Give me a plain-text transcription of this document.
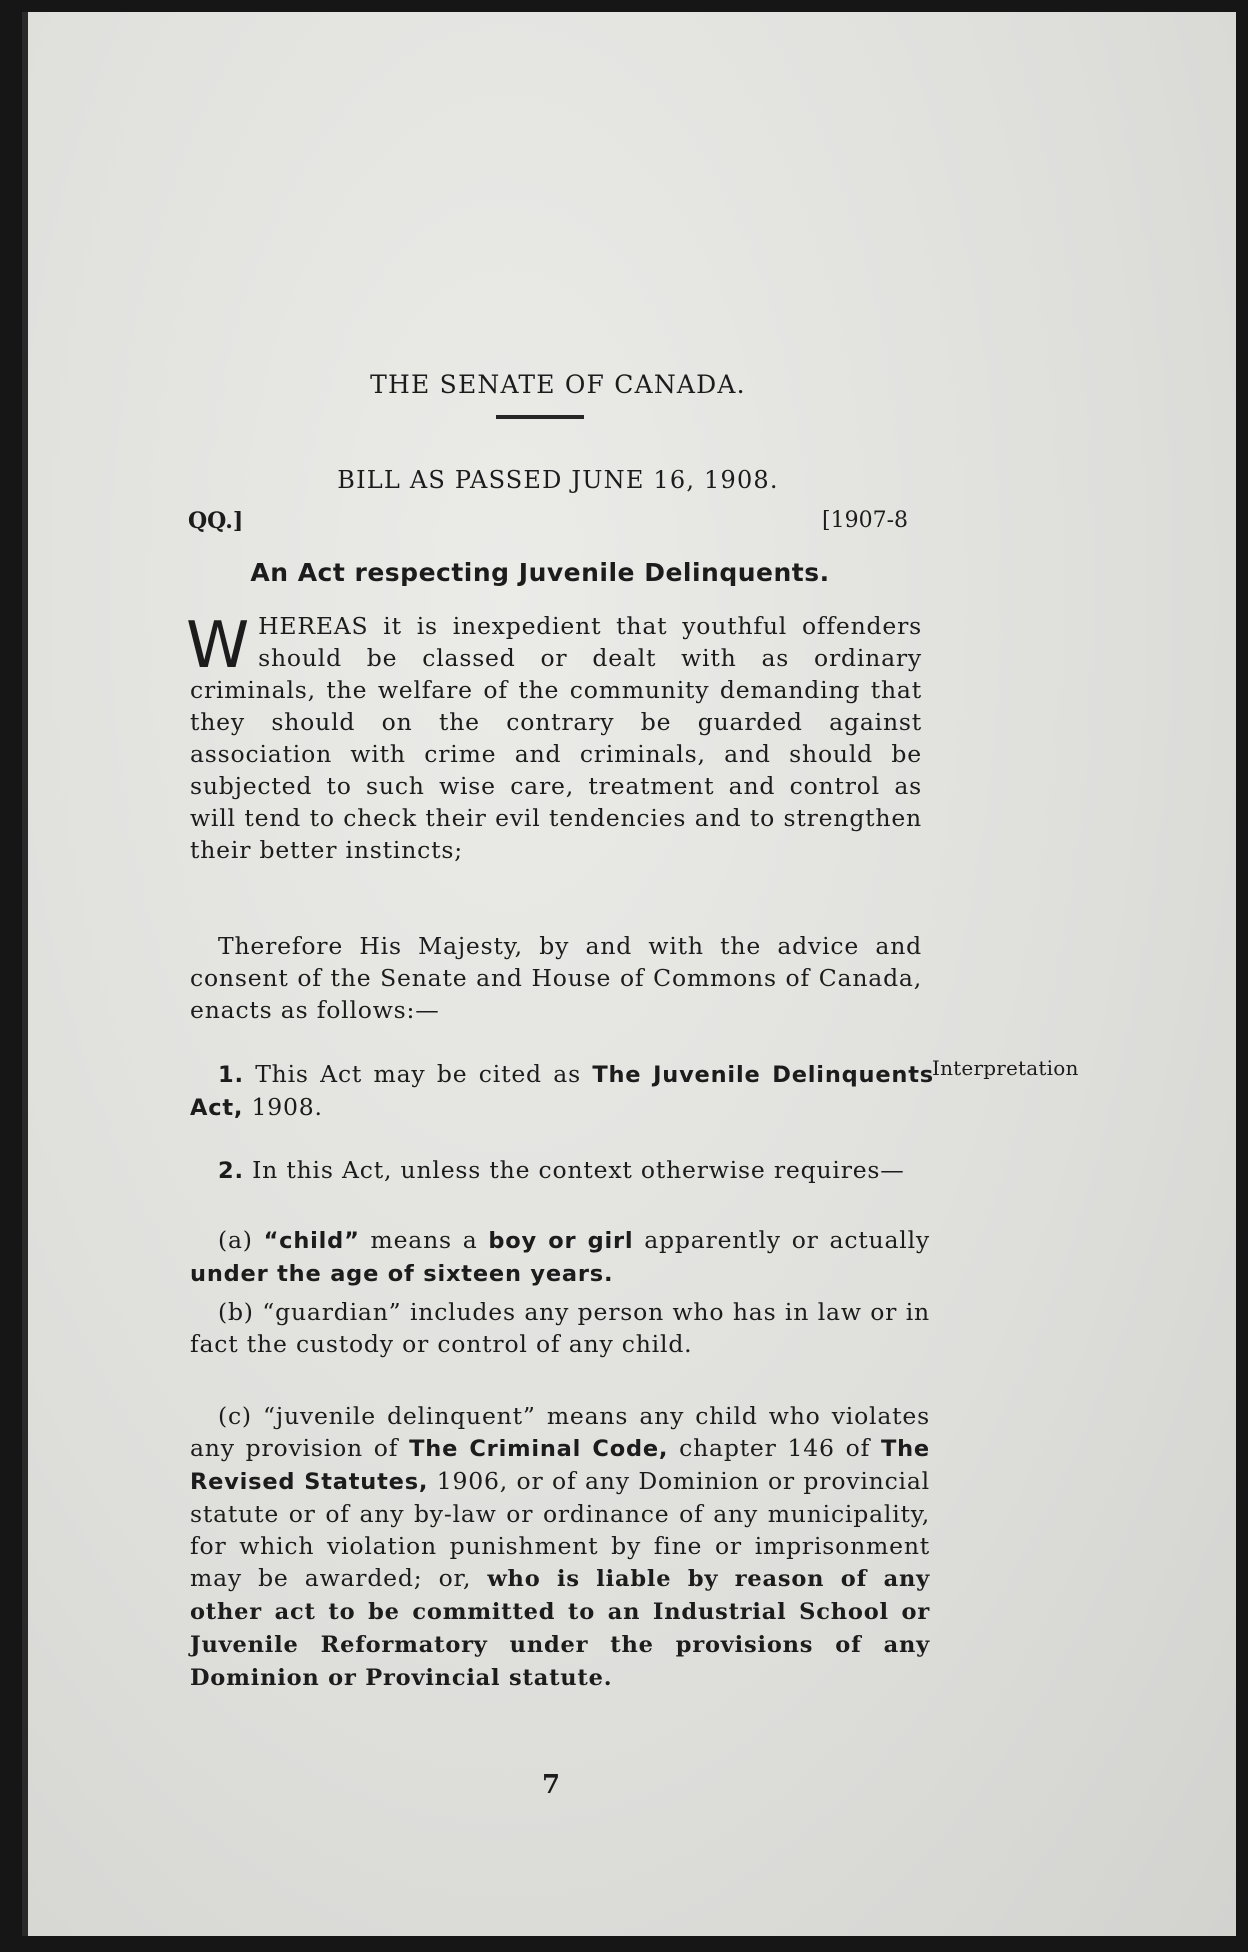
THE SENATE OF CANADA.
BILL AS PASSED JUNE 16, 1908.
QQ.]	[1907-8
An Act respecting Juvenile Delinquents.
WHEREAS it is inexpedient that youthful offenders should be classed or dealt with as ordinary criminals, the welfare of the community demanding that they should on the contrary be guarded against association with crime and criminals, and should be subjected to such wise care, treatment and control as will tend to check their evil tendencies and to strengthen their better instincts;
Therefore His Majesty, by and with the advice and consent of the Senate and House of Commons of Canada, enacts as follows:—
1. This Act may be cited as The Juvenile Delinquents Act, 1908.
Interpretation
2. In this Act, unless the context otherwise requires—
(a) “child” means a boy or girl apparently or actually under the age of sixteen years.
(b) “guardian” includes any person who has in law or in fact the custody or control of any child.
(c) “juvenile delinquent” means any child who violates any provision of The Criminal Code, chapter 146 of The Revised Statutes, 1906, or of any Dominion or provincial statute or of any by-law or ordinance of any municipality, for which violation punishment by fine or imprisonment may be awarded; or, who is liable by reason of any other act to be committed to an Industrial School or Juvenile Reformatory under the provisions of any Dominion or Provincial statute.
7
